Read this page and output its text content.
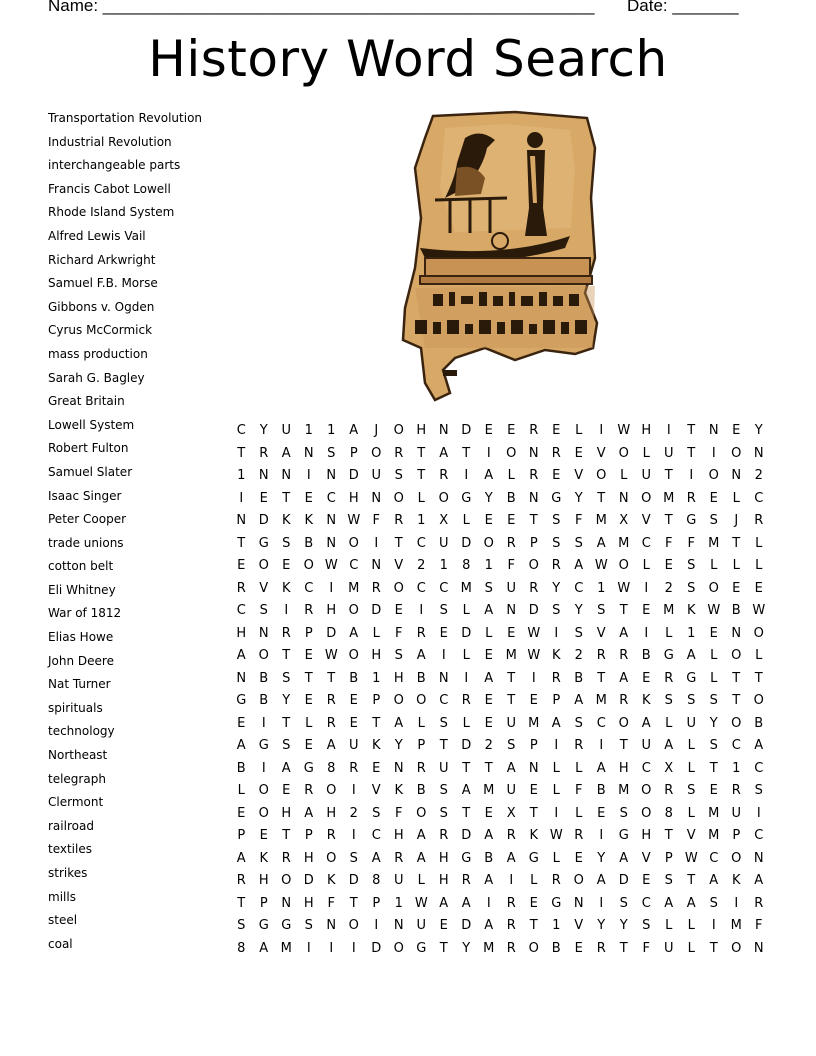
Name: ____________________________________________________ Date: _______
History Word Search
Transportation Revolution
Industrial Revolution
interchangeable parts
Francis Cabot Lowell
Rhode Island System
Alfred Lewis Vail
Richard Arkwright
Samuel F.B. Morse
Gibbons v. Ogden
Cyrus McCormick
mass production
Sarah G. Bagley
Great Britain
Lowell System
Robert Fulton
Samuel Slater
Isaac Singer
Peter Cooper
trade unions
cotton belt
Eli Whitney
War of 1812
Elias Howe
John Deere
Nat Turner
spirituals
technology
Northeast
telegraph
Clermont
railroad
textiles
strikes
mills
steel
coal
C	Y	U	1	1	A	J	O H N D	E	E	R	E	L	I	W H	I	T	N	E	Y
T	R	A	N	S	P	O R	T	A	T	I	O N	R	E	V O	L	U	T	I	O N
1	N N	I	N D U	S	T	R	I	A	L	R	E	V O	L	U	T	I	O N	2
I	E	T	E	C	H N O	L	O G	Y	B	N G	Y	T	N O M R	E	L	C
N D	K	K	N W F	R	1	X	L	E	E	T	S	F	M X	V	T	G	S	J	R
T	G	S	B	N O	I	T	C	U D O R	P	S	S	A M C	F	F	M T	L
E	O	E	O W C	N	V	2	1	8	1	F	O R	A W O	L	E	S	L	L	L
R	V	K	C	I	M R O C	C M S	U	R	Y	C	1 W	I	2	S	O	E	E
C	S	I	R	H O D	E	I	S	L	A	N D	S	Y	S	T	E M K W B W
H N	R	P	D	A	L	F	R	E	D	L	E W	I	S	V	A	I	L	1	E	N O
A O	T	E W O H	S	A	I	L	E M W K	2	R	R	B	G	A	L	O	L
N	B	S	T	T	B	1	H	B	N	I	A	T	I	R	B	T	A	E	R G	L	T	T
G	B	Y	E	R	E	P	O O C	R	E	T	E	P	A M R	K	S	S	S	T	O
E	I	T	L	R	E	T	A	L	S	L	E	U M A	S	C O A	L	U	Y	O B
A	G	S	E	A	U	K	Y	P	T	D	2	S	P	I	R	I	T	U	A	L	S	C	A
B	I	A	G	8	R	E	N	R	U	T	T	A	N	L	L	A	H	C	X	L	T	1	C
L	O	E	R O	I	V	K	B	S	A M U	E	L	F	B M O R	S	E	R	S
E	O H	A	H	2	S	F	O	S	T	E	X	T	I	L	E	S	O	8	L	M U	I
P	E	T	P	R	I	C	H	A	R D	A	R	K W R	I	G H	T	V M P	C
A	K	R	H O	S	A	R	A	H G	B	A	G	L	E	Y	A	V	P W C O N
R	H O D	K	D	8	U	L	H	R	A	I	L	R O A	D	E	S	T	A	K	A
T	P	N H	F	T	P	1 W A	A	I	R	E	G N	I	S	C	A	A	S	I	R
S	G G	S	N O	I	N U	E	D	A	R	T	1	V	Y	Y	S	L	L	I	M	F
8	A M	I	I	I	D O G	T	Y M R O B	E	R	T	F	U	L	T	O N
